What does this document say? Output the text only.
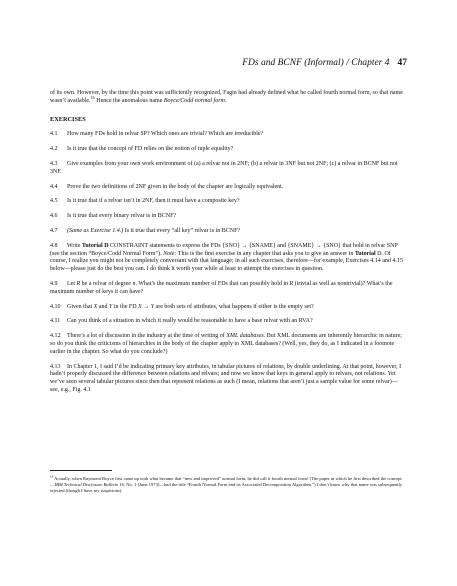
FDs and BCNF (Informal) / Chapter 4 47

of its own. However, by the time this point was sufficiently recognized, Fagin had already defined what he called fourth normal form, so that name wasn’t available.$^{16}$ Hence the anomalous name Boyce/Codd normal form.

EXERCISES
4.1 How many FDs hold in relvar SP? Which ones are trivial? Which are irreducible?
4.2 Is it true that the concept of FD relies on the notion of tuple equality?
4.3 Give examples from your own work environment of (a) a relvar not in 2NF; (b) a relvar in 3NF but not 2NF; (c) a relvar in BCNF but not 3NF.
4.4 Prove the two definitions of 2NF given in the body of the chapter are logically equivalent.
4.5 Is it true that if a relvar isn’t in 2NF, then it must have a composite key?
4.6 Is it true that every binary relvar is in BCNF?
4.7 (Same as Exercise 1.4.) Is it true that every “all key” relvar is in BCNF?
4.8 Write Tutorial D CONSTRAINT statements to express the FDs {SNO} → {SNAME} and {SNAME} → {SNO} that hold in relvar SNP (see the section “Boyce/Codd Normal Form”). Note: This is the first exercise in any chapter that asks you to give an answer in Tutorial D. Of course, I realize you might not be completely conversant with that language; in all such exercises, therefore—for example, Exercises 4.14 and 4.15 below—please just do the best you can. I do think it worth your while at least to attempt the exercises in question.
4.9 Let R be a relvar of degree n. What’s the maximum number of FDs that can possibly hold in R (trivial as well as nontrivial)? What’s the maximum number of keys it can have?
4.10 Given that X and Y in the FD X → Y are both sets of attributes, what happens if either is the empty set?
4.11 Can you think of a situation in which it really would be reasonable to have a base relvar with an RVA?
4.12 There’s a lot of discussion in the industry at the time of writing of XML databases. But XML documents are inherently hierarchic in nature; so do you think the criticisms of hierarchies in the body of the chapter apply to XML databases? (Well, yes, they do, as I indicated in a footnote earlier in the chapter. So what do you conclude?)
4.13 In Chapter 1, I said I’d be indicating primary key attributes, in tabular pictures of relations, by double underlining. At that point, however, I hadn’t properly discussed the difference between relations and relvars; and now we know that keys in general apply to relvars, not relations. Yet we’ve seen several tabular pictures since then that represent relations as such (I mean, relations that aren’t just a sample value for some relvar)—see, e.g., Fig. 4.1
$^{16}$ Actually, when Raymond Boyce first came up with what became that “new and improved” normal form, he did call it fourth normal form! (The paper in which he first described the concept—IBM Technical Disclosure Bulletin 16, No. 1 (June 1973)—had the title “Fourth Normal Form and its Associated Decomposition Algorithm.”) I don’t know why that name was subsequently rejected (though I have my suspicions).
